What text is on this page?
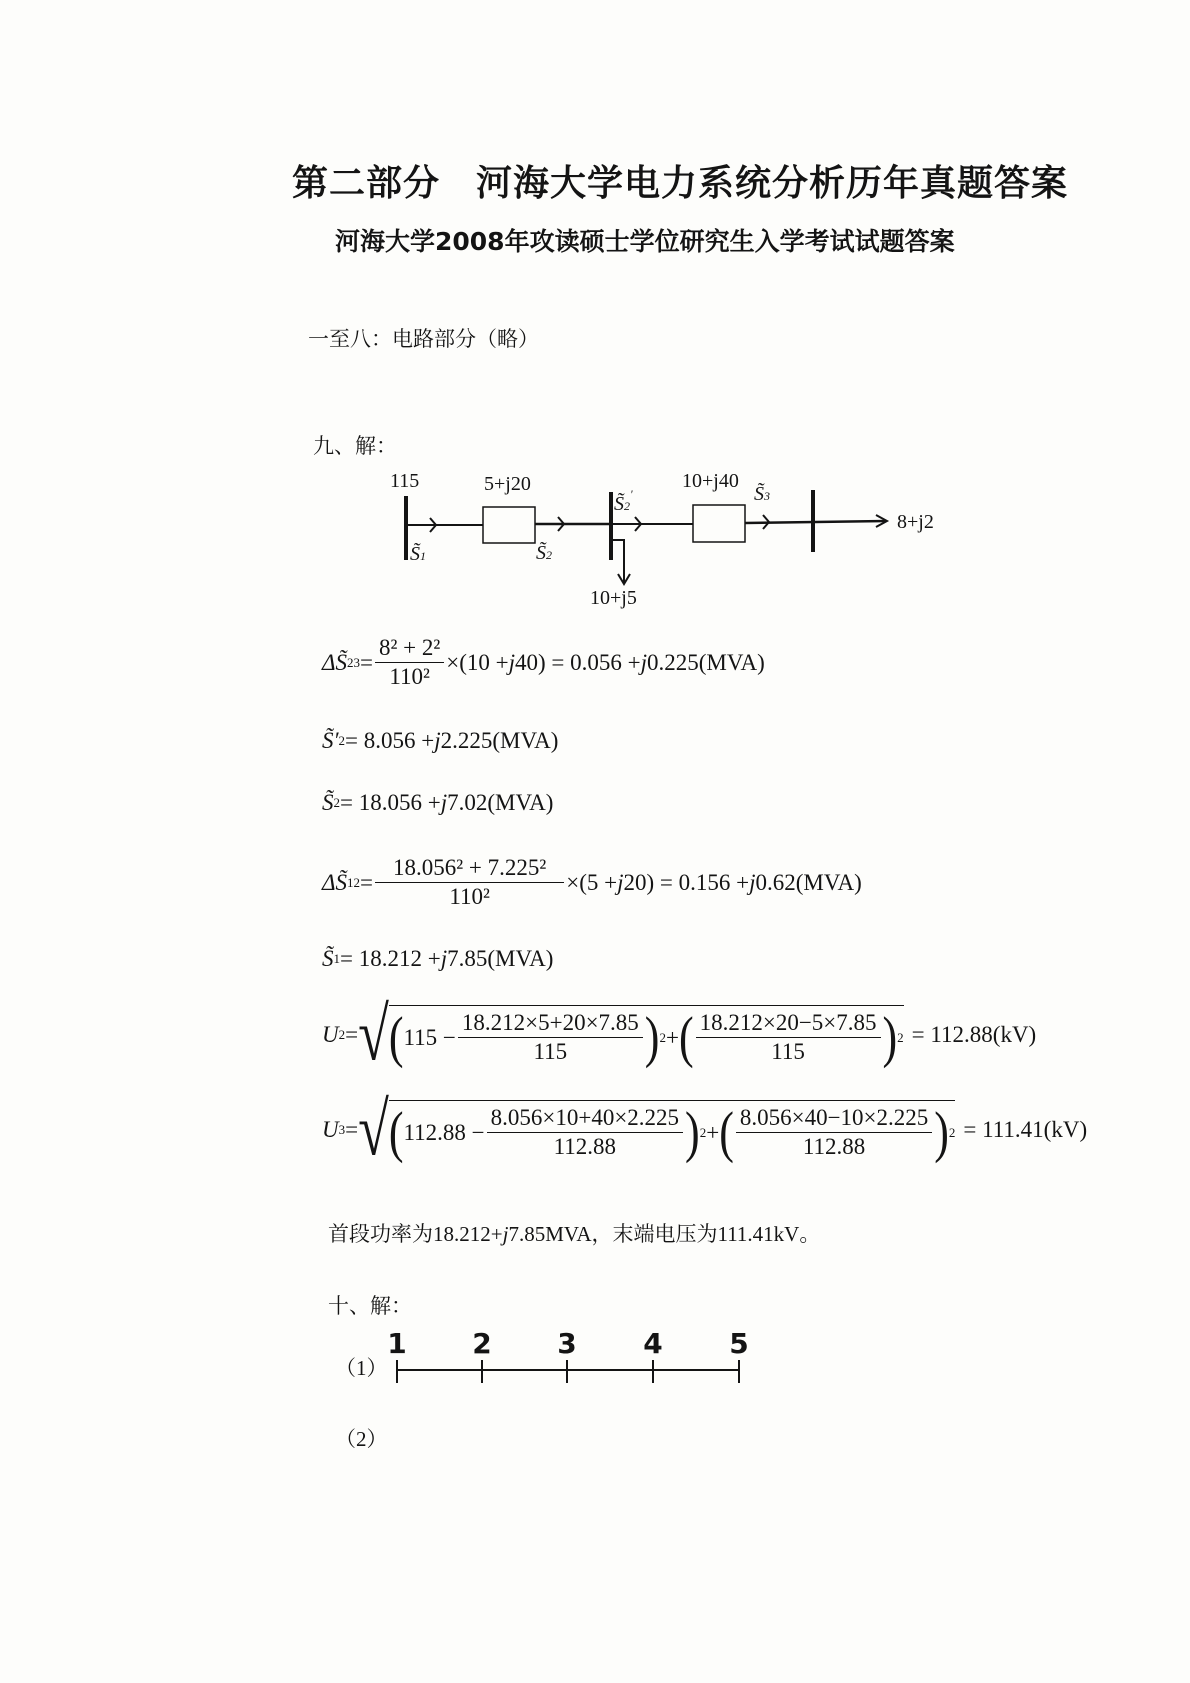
第二部分 河海大学电力系统分析历年真题答案
河海大学2008年攻读硕士学位研究生入学考试试题答案
一至八：电路部分（略）
九、解：
115	5+j20	10+j40
10+j5
8+j2
S̃1	S̃2
S̃2'	S̃3
ΔS̃ $23 = \frac{\text{8² + 2²}}{\text{110²}} \times(10 + j$ 40) = 0.056 + j 0.225(MVA)
S̃′ 2 = 8.056 + j 2.225(MVA)
S̃ 2 = 18.056 + j 7.02(MVA)
ΔS̃ $12 = \frac{\text{18.056² + 7.225²}}{\text{110²}} \times(5 + j$ 20) = 0.156 + j 0.62(MVA)
S̃ 1 = 18.212 + j 7.85(MVA)
U 2 = √ ( $115 - \frac{18.212\times 5+20\times 7.85}{115}$ ) 2 + ( $\frac{18.212\times 20-5\times 7.85}{115}$ ) 2 = 112.88(kV)
U 3 = √ ( $112.88 - \frac{8.056\times 10+40\times 2.225}{112.88}$ ) 2 + ( $\frac{8.056\times 40-10\times 2.225}{112.88}$ ) 2 = 111.41(kV)
首段功率为18.212+j7.85MVA，末端电压为111.41kV。
十、解：
（1）
1 2 3 4 5
（2）
